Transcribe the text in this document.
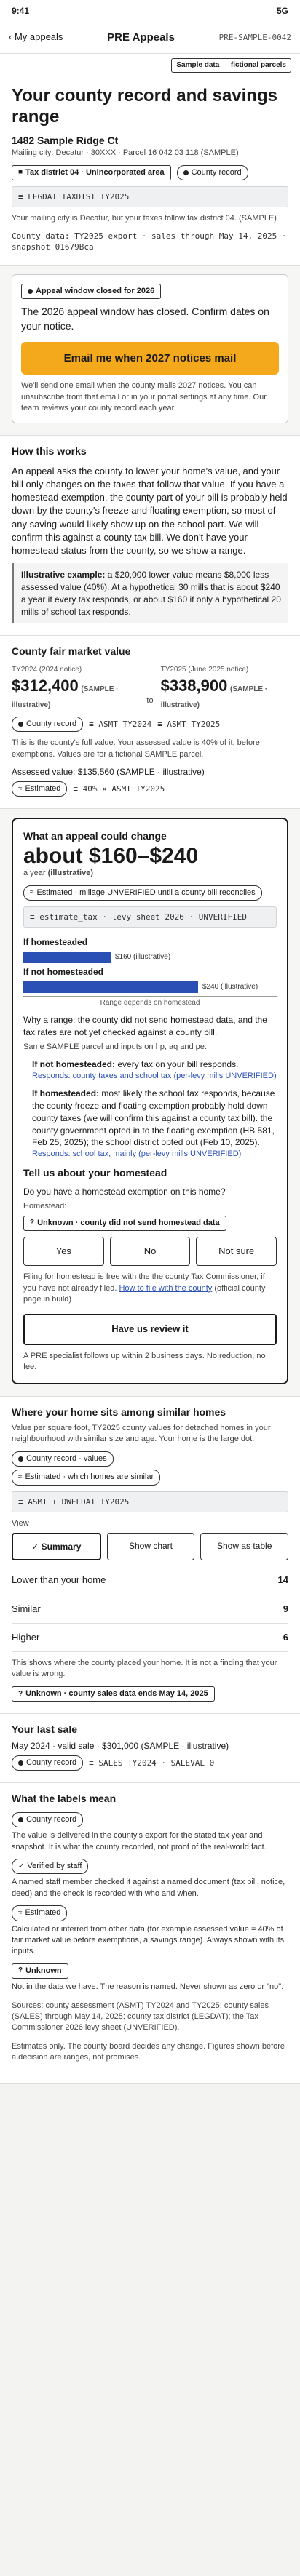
9:41	5G
‹ My appeals	PRE Appeals	PRE-SAMPLE-0042
Sample data — fictional parcels
Your county record and savings range
1482 Sample Ridge Ct
Mailing city: Decatur · 30XXX · Parcel 16 042 03 118 (SAMPLE)
■ Tax district 04 · Unincorporated area	County record
≡ LEGDAT TAXDIST TY2025
Your mailing city is Decatur, but your taxes follow tax district 04. (SAMPLE)
County data: TY2025 export · sales through May 14, 2025 · snapshot 01679Bca
Appeal window closed for 2026
The 2026 appeal window has closed. Confirm dates on your notice.
Email me when 2027 notices mail
We'll send one email when the county mails 2027 notices. You can unsubscribe from that email or in your portal settings at any time. Our team reviews your county record each year.
How this works	—
An appeal asks the county to lower your home's value, and your bill only changes on the taxes that follow that value. If you have a homestead exemption, the county part of your bill is probably held down by the county's freeze and floating exemption, so most of any saving would likely show up on the school part. We will confirm this against a county tax bill. We don't have your homestead status from the county, so we show a range.
Illustrative example: a $20,000 lower value means $8,000 less assessed value (40%). At a hypothetical 30 mills that is about $240 a year if every tax responds, or about $160 if only a hypothetical 20 mills of school tax responds.
County fair market value
TY2024 (2024 notice)
$312,400 (SAMPLE · illustrative)
to
TY2025 (June 2025 notice)
$338,900 (SAMPLE · illustrative)
County record ≡ ASMT TY2024 ≡ ASMT TY2025
This is the county's full value. Your assessed value is 40% of it, before exemptions. Values are for a fictional SAMPLE parcel.
Assessed value: $135,560 (SAMPLE · illustrative)
≈ Estimated ≡ 40% × ASMT TY2025
What an appeal could change
about $160–$240
a year (illustrative)
≈ Estimated · millage UNVERIFIED until a county bill reconciles
≡ estimate_tax · levy sheet 2026 · UNVERIFIED
If homesteaded
$160 (illustrative)
If not homesteaded
$240 (illustrative)
Range depends on homestead
Why a range: the county did not send homestead data, and the tax rates are not yet checked against a county bill.
Same SAMPLE parcel and inputs on hp, aq and pe.
If not homesteaded: every tax on your bill responds.
Responds: county taxes and school tax (per-levy mills UNVERIFIED)
If homesteaded: most likely the school tax responds, because the county freeze and floating exemption probably hold down county taxes (we will confirm this against a county tax bill). the county government opted in to the floating exemption (HB 581, Feb 25, 2025); the school district opted out (Feb 10, 2025).
Responds: school tax, mainly (per-levy mills UNVERIFIED)
Tell us about your homestead
Do you have a homestead exemption on this home?
Homestead:
? Unknown · county did not send homestead data
Yes	No	Not sure
Filing for homestead is free with the the county Tax Commissioner, if you have not already filed. How to file with the county (official county page in build)
Have us review it
A PRE specialist follows up within 2 business days. No reduction, no fee.
Where your home sits among similar homes
Value per square foot, TY2025 county values for detached homes in your neighbourhood with similar size and age. Your home is the large dot.
County record · values
≈ Estimated · which homes are similar
≡ ASMT + DWELDAT TY2025
View
✓ Summary	Show chart	Show as table
Lower than your home	14
Similar	9
Higher	6
This shows where the county placed your home. It is not a finding that your value is wrong.
? Unknown · county sales data ends May 14, 2025
Your last sale
May 2024 · valid sale · $301,000 (SAMPLE · illustrative)
County record ≡ SALES TY2024 · SALEVAL 0
What the labels mean
County record
The value is delivered in the county's export for the stated tax year and snapshot. It is what the county recorded, not proof of the real-world fact.
✓ Verified by staff
A named staff member checked it against a named document (tax bill, notice, deed) and the check is recorded with who and when.
≈ Estimated
Calculated or inferred from other data (for example assessed value = 40% of fair market value before exemptions, a savings range). Always shown with its inputs.
? Unknown
Not in the data we have. The reason is named. Never shown as zero or "no".
Sources: county assessment (ASMT) TY2024 and TY2025; county sales (SALES) through May 14, 2025; county tax district (LEGDAT); the Tax Commissioner 2026 levy sheet (UNVERIFIED).
Estimates only. The county board decides any change. Figures shown before a decision are ranges, not promises.
